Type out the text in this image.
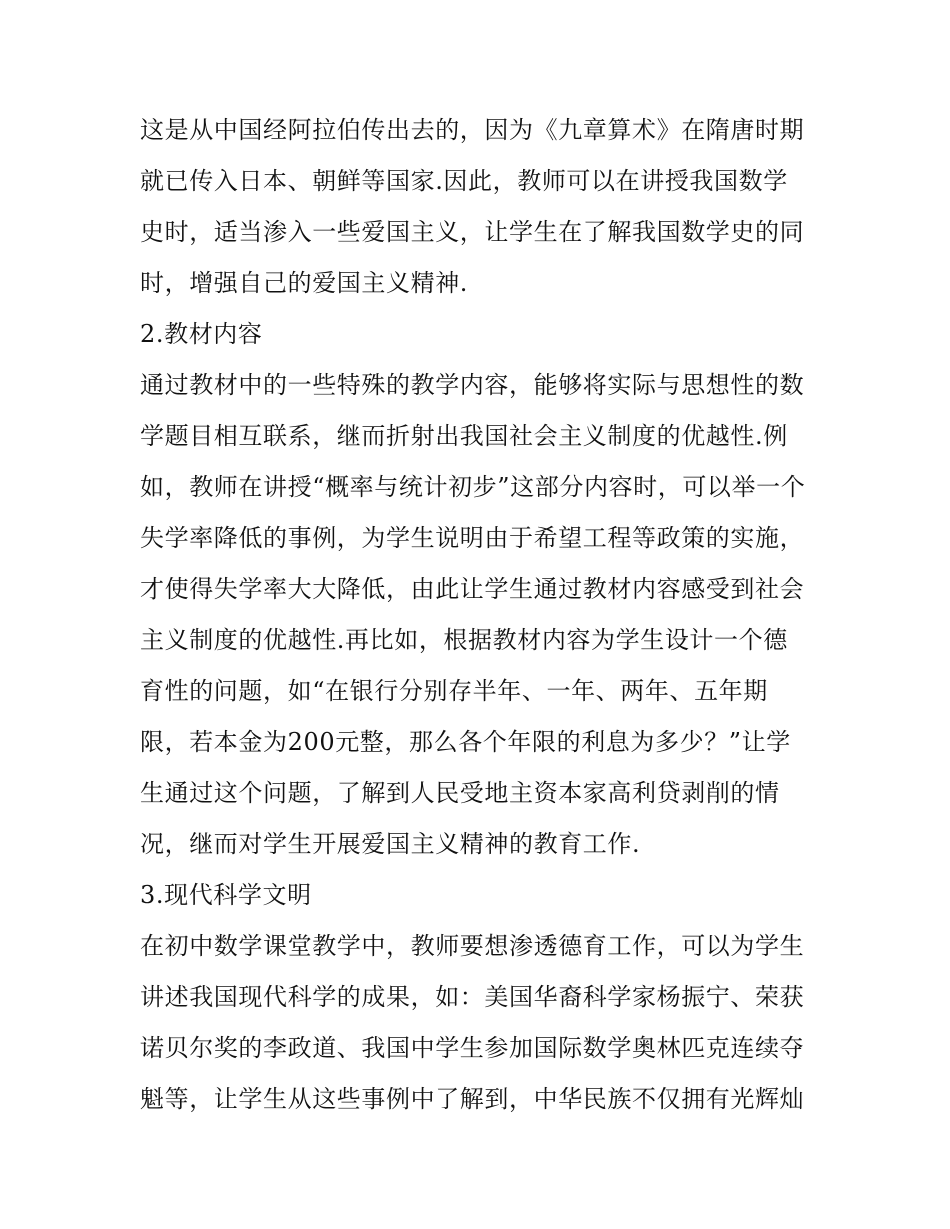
这是从中国经阿拉伯传出去的，因为《九章算术》在隋唐时期
就已传入日本、朝鲜等国家.因此，教师可以在讲授我国数学
史时，适当渗入一些爱国主义，让学生在了解我国数学史的同
时，增强自己的爱国主义精神.
2.教材内容
通过教材中的一些特殊的教学内容，能够将实际与思想性的数
学题目相互联系，继而折射出我国社会主义制度的优越性.例
如，教师在讲授“概率与统计初步”这部分内容时，可以举一个
失学率降低的事例，为学生说明由于希望工程等政策的实施，
才使得失学率大大降低，由此让学生通过教材内容感受到社会
主义制度的优越性.再比如，根据教材内容为学生设计一个德
育性的问题，如“在银行分别存半年、一年、两年、五年期
限，若本金为200元整，那么各个年限的利息为多少？”让学
生通过这个问题，了解到人民受地主资本家高利贷剥削的情
况，继而对学生开展爱国主义精神的教育工作.
3.现代科学文明
在初中数学课堂教学中，教师要想渗透德育工作，可以为学生
讲述我国现代科学的成果，如：美国华裔科学家杨振宁、荣获
诺贝尔奖的李政道、我国中学生参加国际数学奥林匹克连续夺
魁等，让学生从这些事例中了解到，中华民族不仅拥有光辉灿
